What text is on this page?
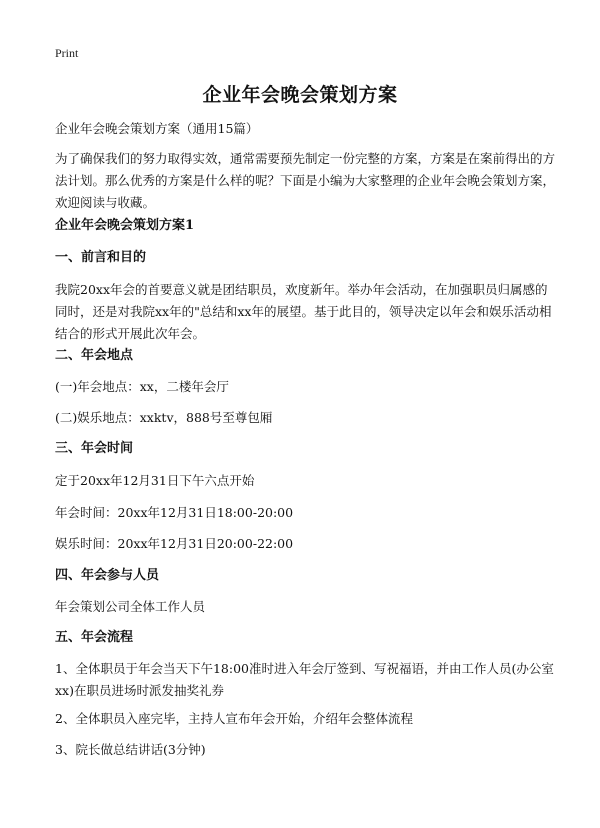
Print
企业年会晚会策划方案
企业年会晚会策划方案（通用15篇）
为了确保我们的努力取得实效，通常需要预先制定一份完整的方案，方案是在案前得出的方法计划。那么优秀的方案是什么样的呢？下面是小编为大家整理的企业年会晚会策划方案，欢迎阅读与收藏。
企业年会晚会策划方案1
一、前言和目的
我院20xx年会的首要意义就是团结职员，欢度新年。举办年会活动，在加强职员归属感的同时，还是对我院xx年的"总结和xx年的展望。基于此目的，领导决定以年会和娱乐活动相结合的形式开展此次年会。
二、年会地点
(一)年会地点：xx，二楼年会厅
(二)娱乐地点：xxktv，888号至尊包厢
三、年会时间
定于20xx年12月31日下午六点开始
年会时间：20xx年12月31日18:00-20:00
娱乐时间：20xx年12月31日20:00-22:00
四、年会参与人员
年会策划公司全体工作人员
五、年会流程
1、全体职员于年会当天下午18:00准时进入年会厅签到、写祝福语，并由工作人员(办公室xx)在职员进场时派发抽奖礼券
2、全体职员入座完毕，主持人宣布年会开始，介绍年会整体流程
3、院长做总结讲话(3分钟)
